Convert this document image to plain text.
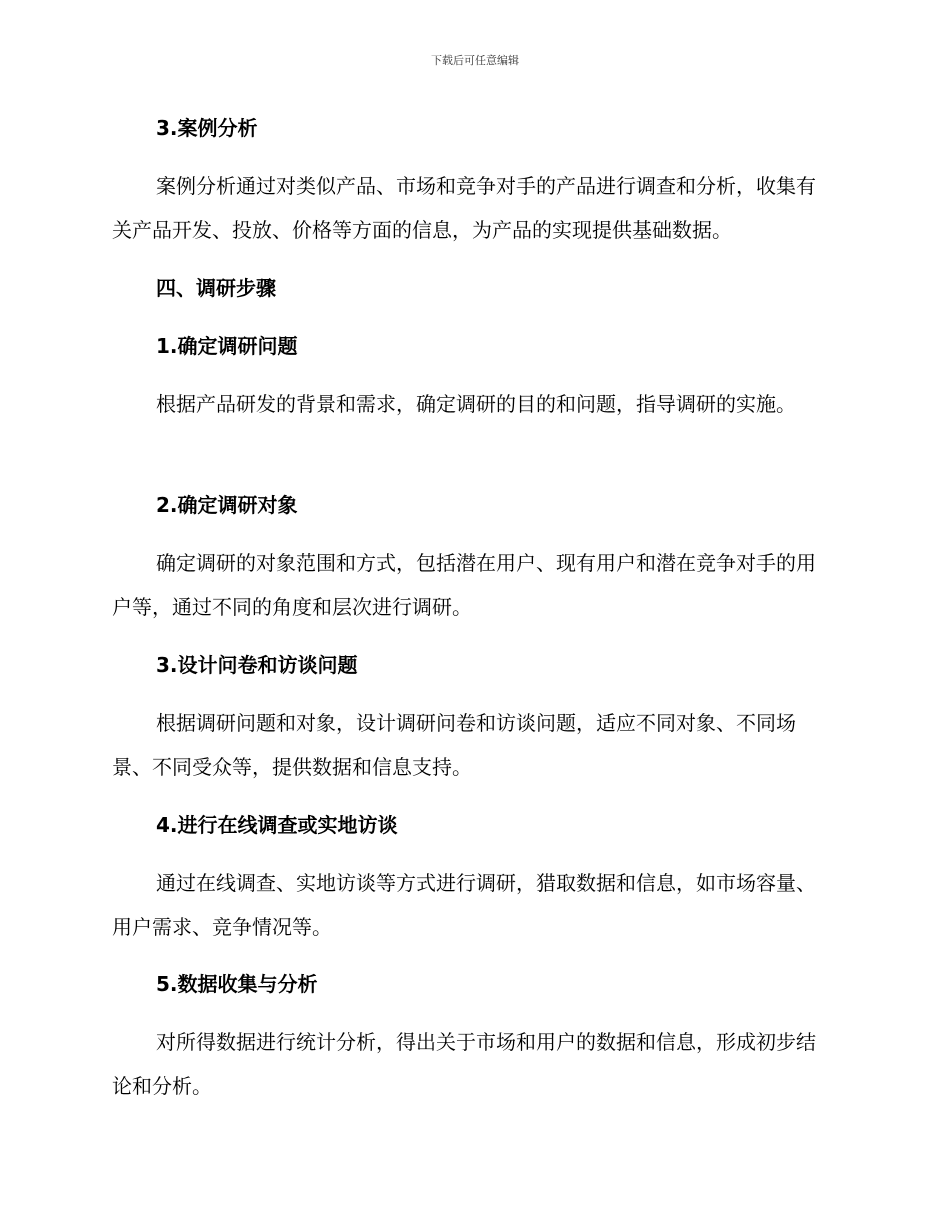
下载后可任意编辑
3.案例分析
案例分析通过对类似产品、市场和竞争对手的产品进行调查和分析，收集有关产品开发、投放、价格等方面的信息，为产品的实现提供基础数据。
四、调研步骤
1.确定调研问题
根据产品研发的背景和需求，确定调研的目的和问题，指导调研的实施。
2.确定调研对象
确定调研的对象范围和方式，包括潜在用户、现有用户和潜在竞争对手的用户等，通过不同的角度和层次进行调研。
3.设计问卷和访谈问题
根据调研问题和对象，设计调研问卷和访谈问题，适应不同对象、不同场景、不同受众等，提供数据和信息支持。
4.进行在线调查或实地访谈
通过在线调查、实地访谈等方式进行调研，猎取数据和信息，如市场容量、用户需求、竞争情况等。
5.数据收集与分析
对所得数据进行统计分析，得出关于市场和用户的数据和信息，形成初步结论和分析。
